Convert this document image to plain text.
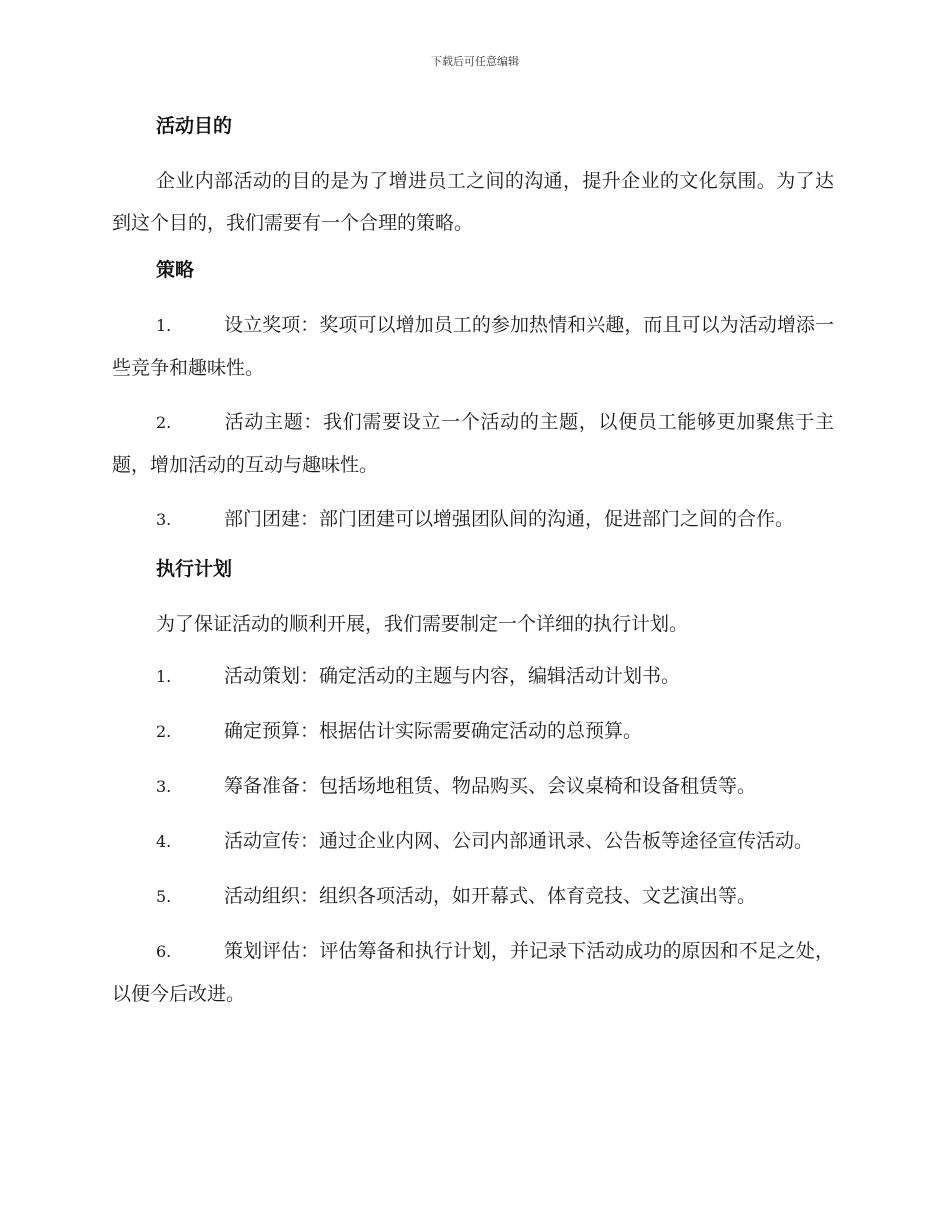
下载后可任意编辑
活动目的

企业内部活动的目的是为了增进员工之间的沟通，提升企业的文化氛围。为了达到这个目的，我们需要有一个合理的策略。

策略
1.	设立奖项：奖项可以增加员工的参加热情和兴趣，而且可以为活动增添一些竞争和趣味性。
2.	活动主题：我们需要设立一个活动的主题，以便员工能够更加聚焦于主题，增加活动的互动与趣味性。
3.	部门团建：部门团建可以增强团队间的沟通，促进部门之间的合作。
执行计划

为了保证活动的顺利开展，我们需要制定一个详细的执行计划。

1.	活动策划：确定活动的主题与内容，编辑活动计划书。
2.	确定预算：根据估计实际需要确定活动的总预算。
3.	筹备准备：包括场地租赁、物品购买、会议桌椅和设备租赁等。
4.	活动宣传：通过企业内网、公司内部通讯录、公告板等途径宣传活动。
5.	活动组织：组织各项活动，如开幕式、体育竞技、文艺演出等。
6.	策划评估：评估筹备和执行计划，并记录下活动成功的原因和不足之处，以便今后改进。
